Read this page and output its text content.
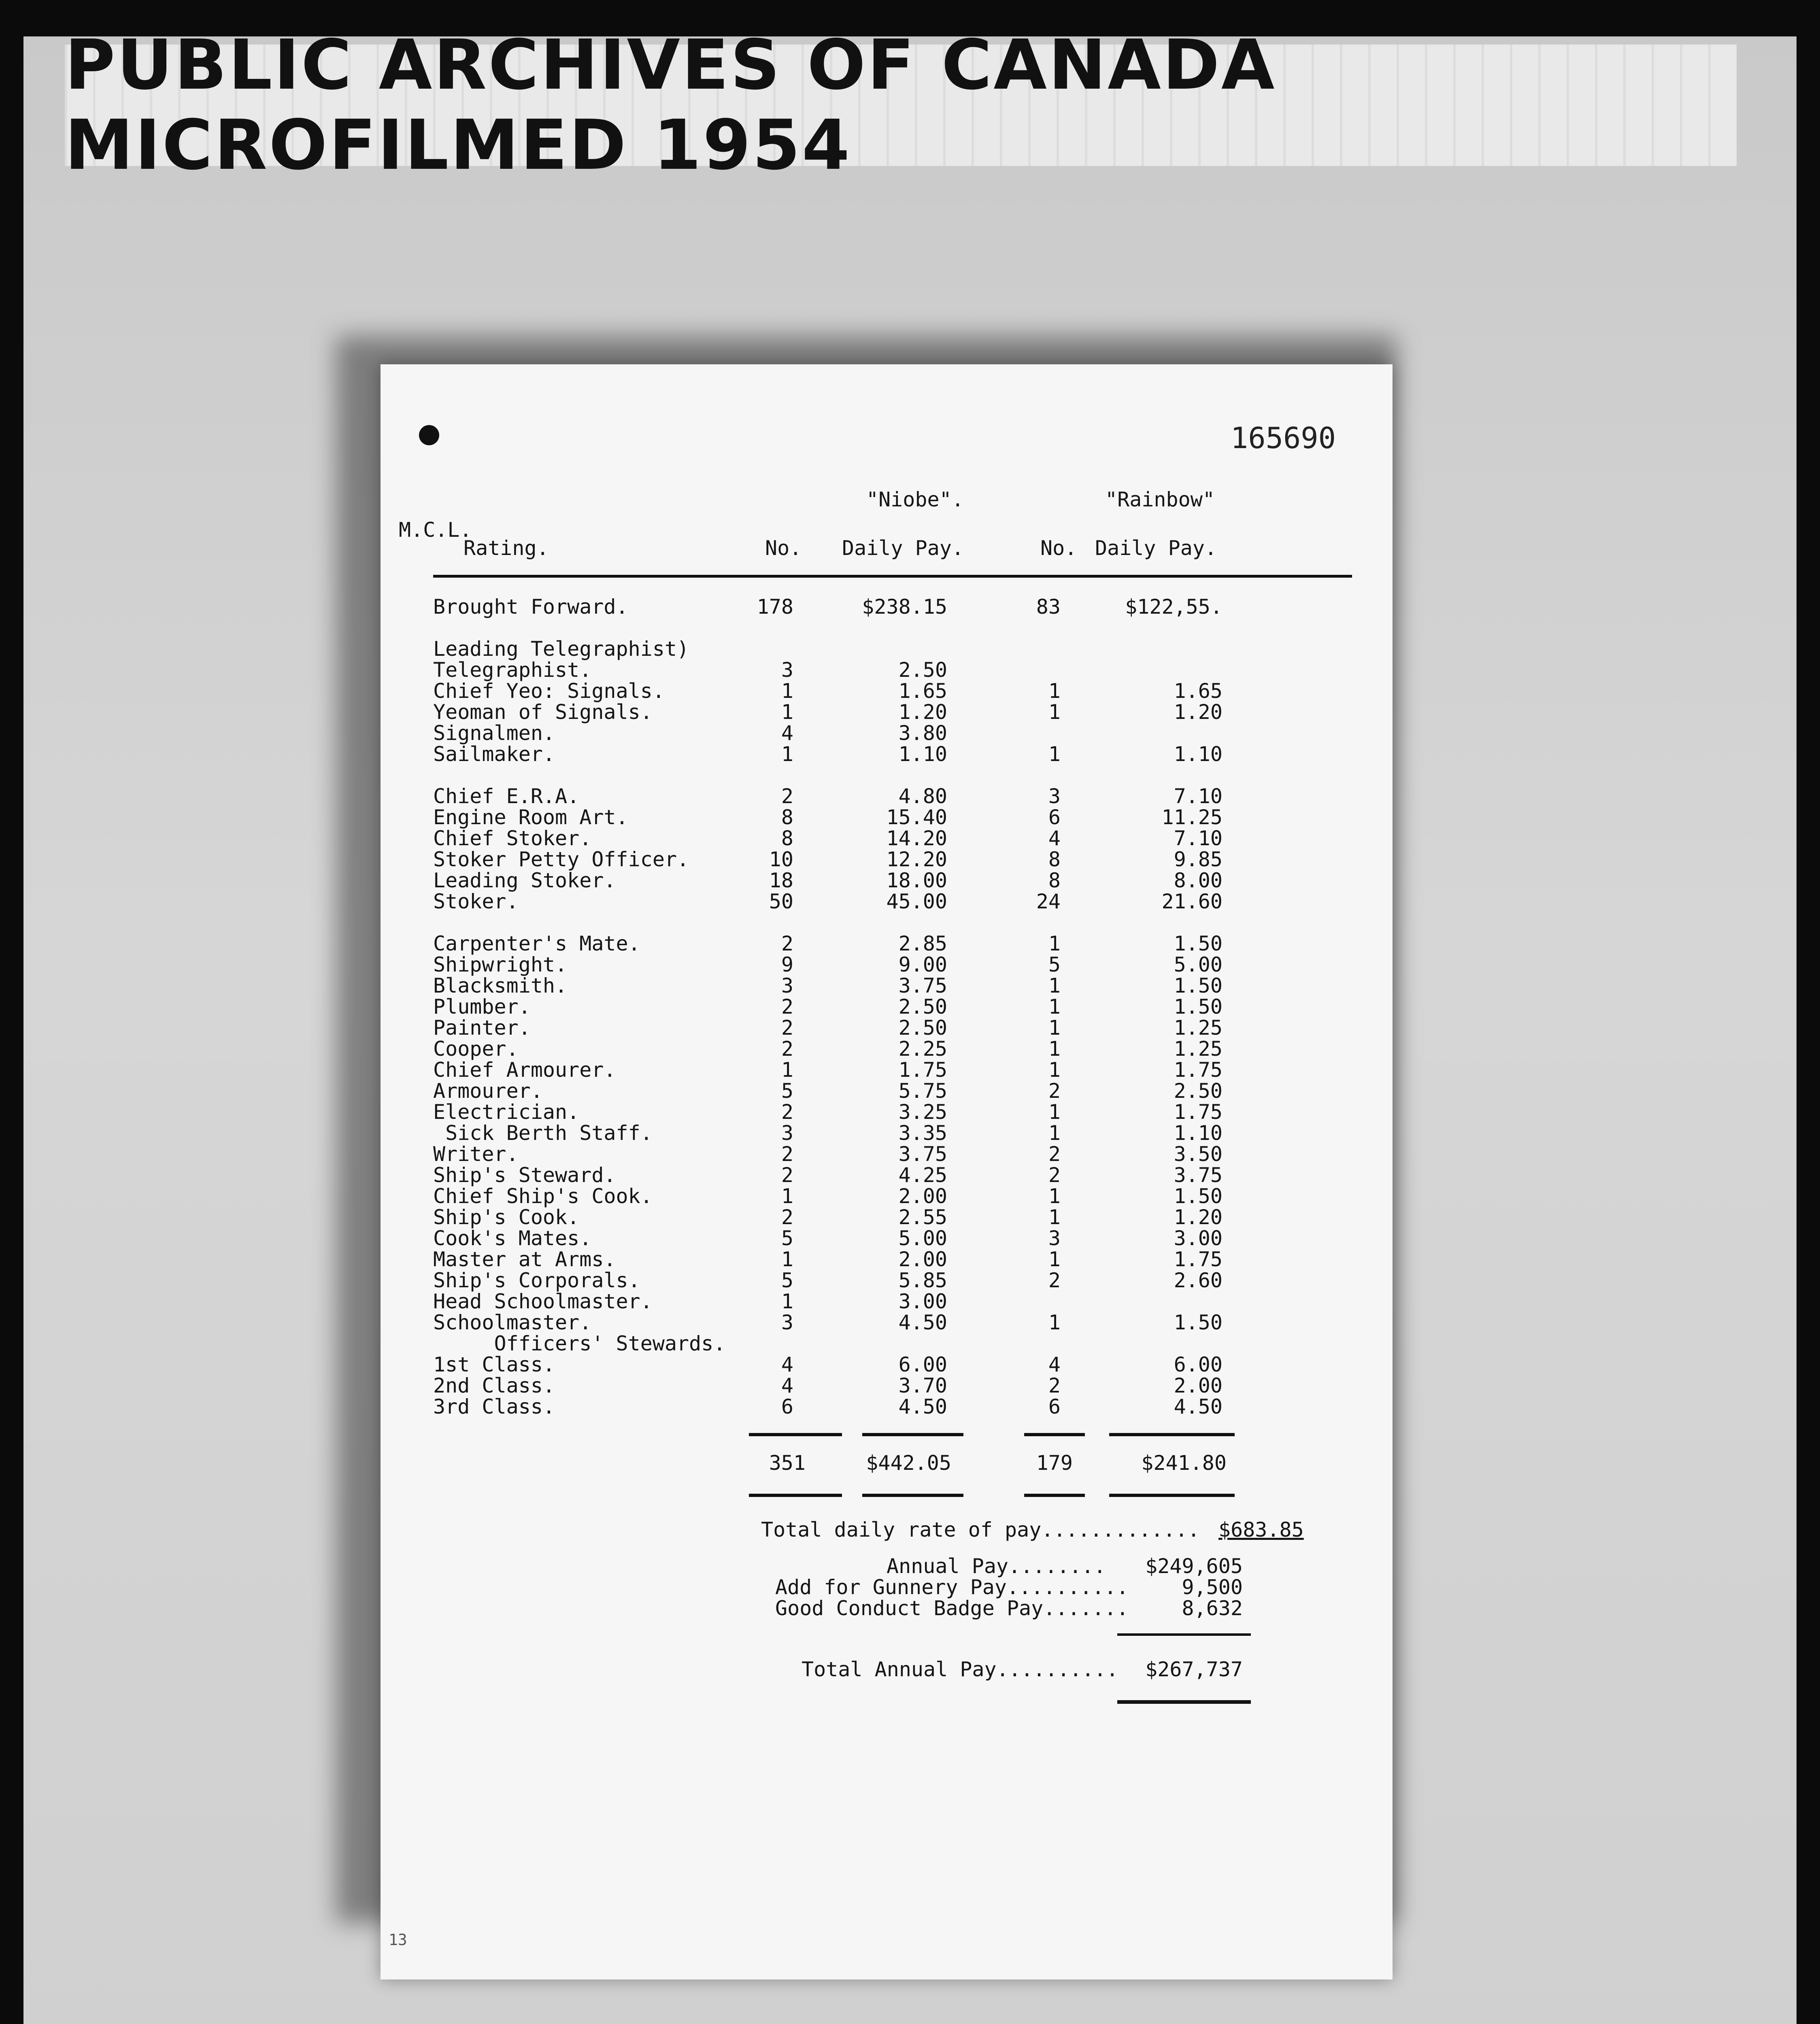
PUBLIC ARCHIVES OF CANADA MICROFILMED 1954
165690
"Niobe".	"Rainbow"
M.C.L.
Rating.	No. Daily Pay.	No. Daily Pay.
Brought Forward.	178	$238.15	83	$122,55.
Leading Telegraphist)
Telegraphist.	3	2.50
Chief Yeo: Signals.	1	1.65	1	1.65
Yeoman of Signals.	1	1.20	1	1.20
Signalmen.	4	3.80
Sailmaker.	1	1.10	1	1.10
Chief E.R.A.	2	4.80	3	7.10
Engine Room Art.	8	15.40	6	11.25
Chief Stoker.	8	14.20	4	7.10
Stoker Petty Officer.	10	12.20	8	9.85
Leading Stoker.	18	18.00	8	8.00
Stoker.	50	45.00	24	21.60
Carpenter's Mate.	2	2.85	1	1.50
Shipwright.	9	9.00	5	5.00
Blacksmith.	3	3.75	1	1.50
Plumber.	2	2.50	1	1.50
Painter.	2	2.50	1	1.25
Cooper.	2	2.25	1	1.25
Chief Armourer.	1	1.75	1	1.75
Armourer.	5	5.75	2	2.50
Electrician.	2	3.25	1	1.75
Sick Berth Staff.	3	3.35	1	1.10
Writer.	2	3.75	2	3.50
Ship's Steward.	2	4.25	2	3.75
Chief Ship's Cook.	1	2.00	1	1.50
Ship's Cook.	2	2.55	1	1.20
Cook's Mates.	5	5.00	3	3.00
Master at Arms.	1	2.00	1	1.75
Ship's Corporals.	5	5.85	2	2.60
Head Schoolmaster.	1	3.00
Schoolmaster.	3	4.50	1	1.50
Officers' Stewards.
1st Class.	4	6.00	4	6.00
2nd Class.	4	3.70	2	2.00
3rd Class.	6	4.50	6	4.50
351	$442.05	179	$241.80
Total daily rate of pay............. $683.85
Annual Pay........	$249,605
Add for Gunnery Pay..........	9,500
Good Conduct Badge Pay.......	8,632
Total Annual Pay..........	$267,737
13
